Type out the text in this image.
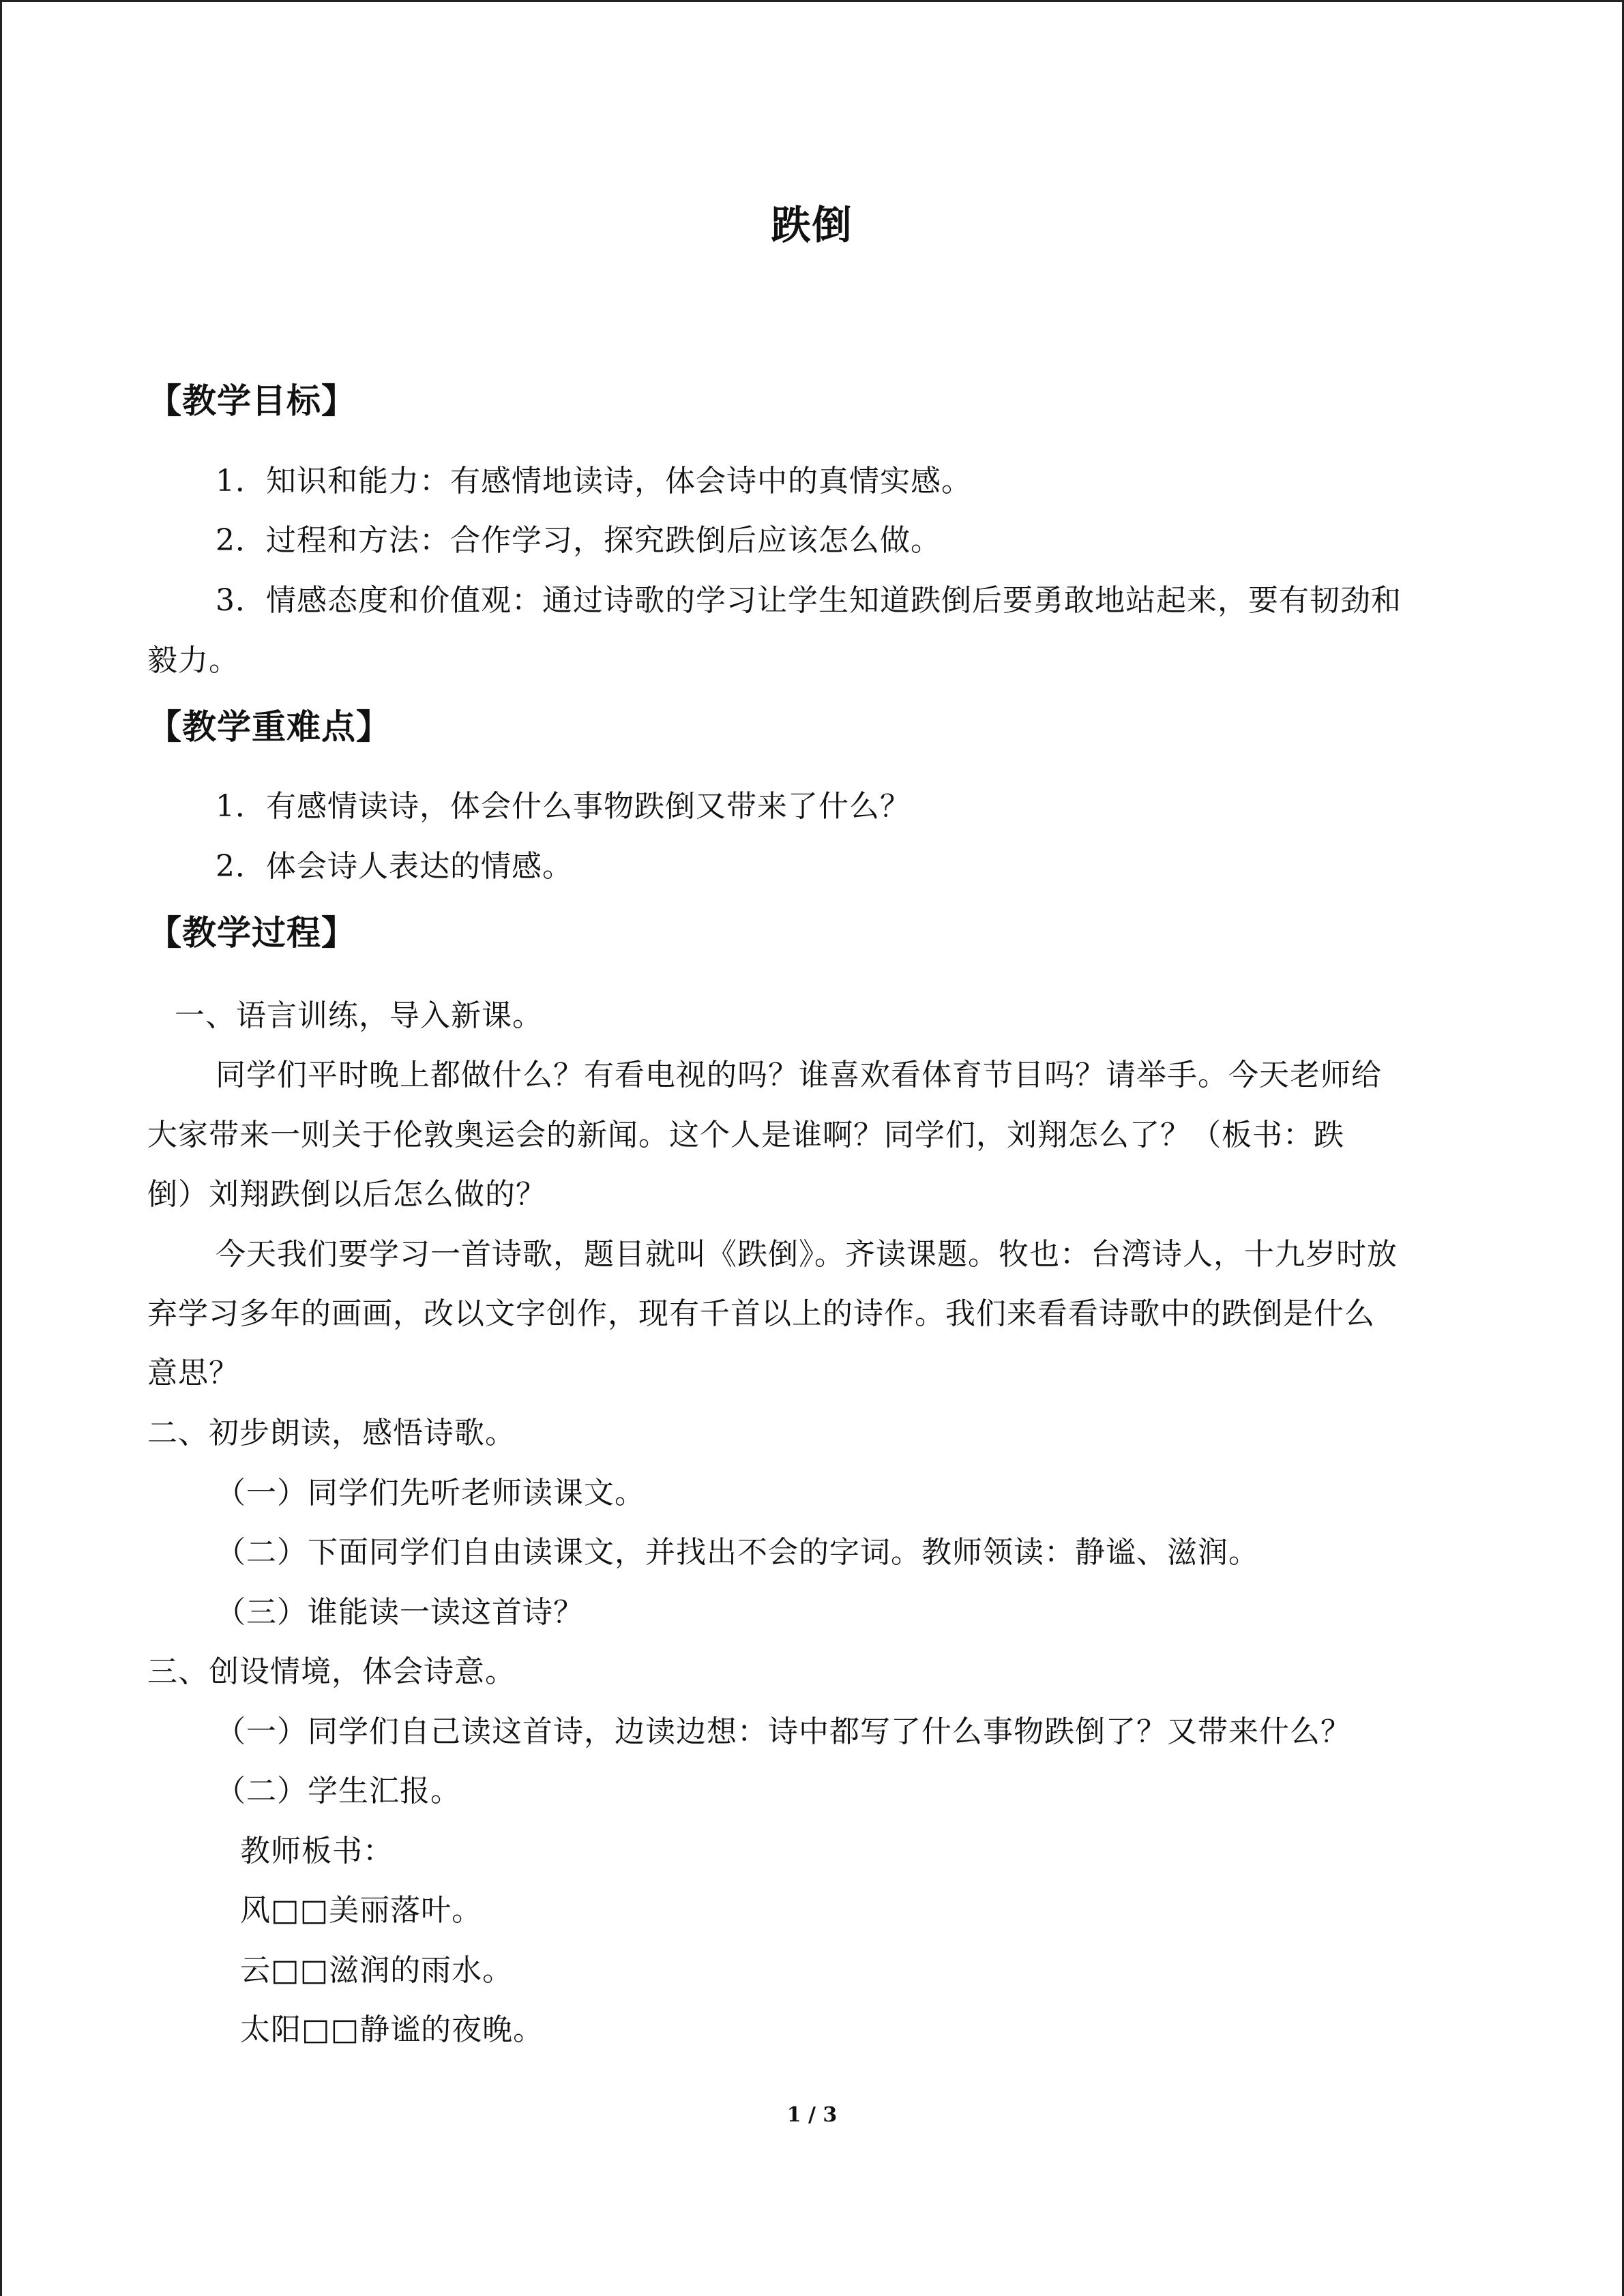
跌倒
【教学目标】
1．知识和能力：有感情地读诗，体会诗中的真情实感。
2．过程和方法：合作学习，探究跌倒后应该怎么做。
3．情感态度和价值观：通过诗歌的学习让学生知道跌倒后要勇敢地站起来，要有韧劲和
毅力。
【教学重难点】
1．有感情读诗，体会什么事物跌倒又带来了什么？
2．体会诗人表达的情感。
【教学过程】
一、语言训练，导入新课。
同学们平时晚上都做什么？有看电视的吗？谁喜欢看体育节目吗？请举手。今天老师给
大家带来一则关于伦敦奥运会的新闻。这个人是谁啊？同学们，刘翔怎么了？（板书：跌
倒）刘翔跌倒以后怎么做的？
今天我们要学习一首诗歌，题目就叫《跌倒》。齐读课题。牧也：台湾诗人，十九岁时放
弃学习多年的画画，改以文字创作，现有千首以上的诗作。我们来看看诗歌中的跌倒是什么
意思？
二、初步朗读，感悟诗歌。
（一）同学们先听老师读课文。
（二）下面同学们自由读课文，并找出不会的字词。教师领读：静谧、滋润。
（三）谁能读一读这首诗？
三、创设情境，体会诗意。
（一）同学们自己读这首诗，边读边想：诗中都写了什么事物跌倒了？又带来什么？
（二）学生汇报。
教师板书：
风□□美丽落叶。
云□□滋润的雨水。
太阳□□静谧的夜晚。
1 / 3
